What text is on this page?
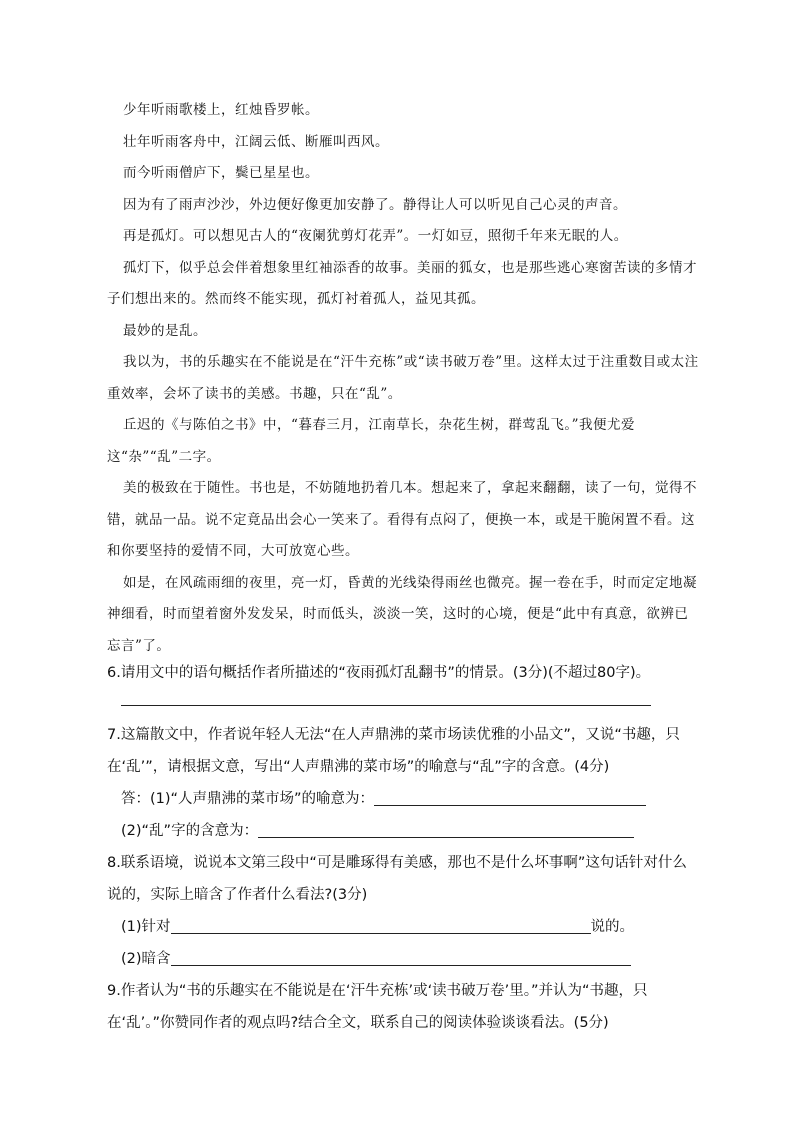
少年听雨歌楼上，红烛昏罗帐。

壮年听雨客舟中，江阔云低、断雁叫西风。

而今听雨僧庐下，鬓已星星也。

因为有了雨声沙沙，外边便好像更加安静了。静得让人可以听见自己心灵的声音。

再是孤灯。可以想见古人的“夜阑犹剪灯花弄”。一灯如豆，照彻千年来无眠的人。

孤灯下，似乎总会伴着想象里红袖添香的故事。美丽的狐女，也是那些逃心寒窗苦读的多情才子们想出来的。然而终不能实现，孤灯衬着孤人，益见其孤。

最妙的是乱。

我以为，书的乐趣实在不能说是在“汗牛充栋”或“读书破万卷”里。这样太过于注重数目或太注重效率，会坏了读书的美感。书趣，只在“乱”。

丘迟的《与陈伯之书》中，“暮春三月，江南草长，杂花生树，群莺乱飞。”我便尤爱这“杂”“乱”二字。

美的极致在于随性。书也是，不妨随地扔着几本。想起来了，拿起来翻翻，读了一句，觉得不错，就品一品。说不定竟品出会心一笑来了。看得有点闷了，便换一本，或是干脆闲置不看。这和你要坚持的爱情不同，大可放宽心些。

如是，在风疏雨细的夜里，亮一灯，昏黄的光线染得雨丝也微亮。握一卷在手，时而定定地凝神细看，时而望着窗外发发呆，时而低头，淡淡一笑，这时的心境，便是“此中有真意，欲辨已忘言”了。

6.请用文中的语句概括作者所描述的“夜雨孤灯乱翻书”的情景。(3分)(不超过80字)。

7.这篇散文中，作者说年轻人无法“在人声鼎沸的菜市场读优雅的小品文”，又说“书趣，只在‘乱’”，请根据文意，写出“人声鼎沸的菜市场”的喻意与“乱”字的含意。(4分)

答：(1)“人声鼎沸的菜市场”的喻意为：

(2)“乱”字的含意为：

8.联系语境，说说本文第三段中“可是雕琢得有美感，那也不是什么坏事啊”这句话针对什么说的，实际上暗含了作者什么看法?(3分)

(1)针对	说的。

(2)暗含

9.作者认为“书的乐趣实在不能说是在‘汗牛充栋’或‘读书破万卷’里。”并认为“书趣，只在‘乱’。”你赞同作者的观点吗?结合全文，联系自己的阅读体验谈谈看法。(5分)
